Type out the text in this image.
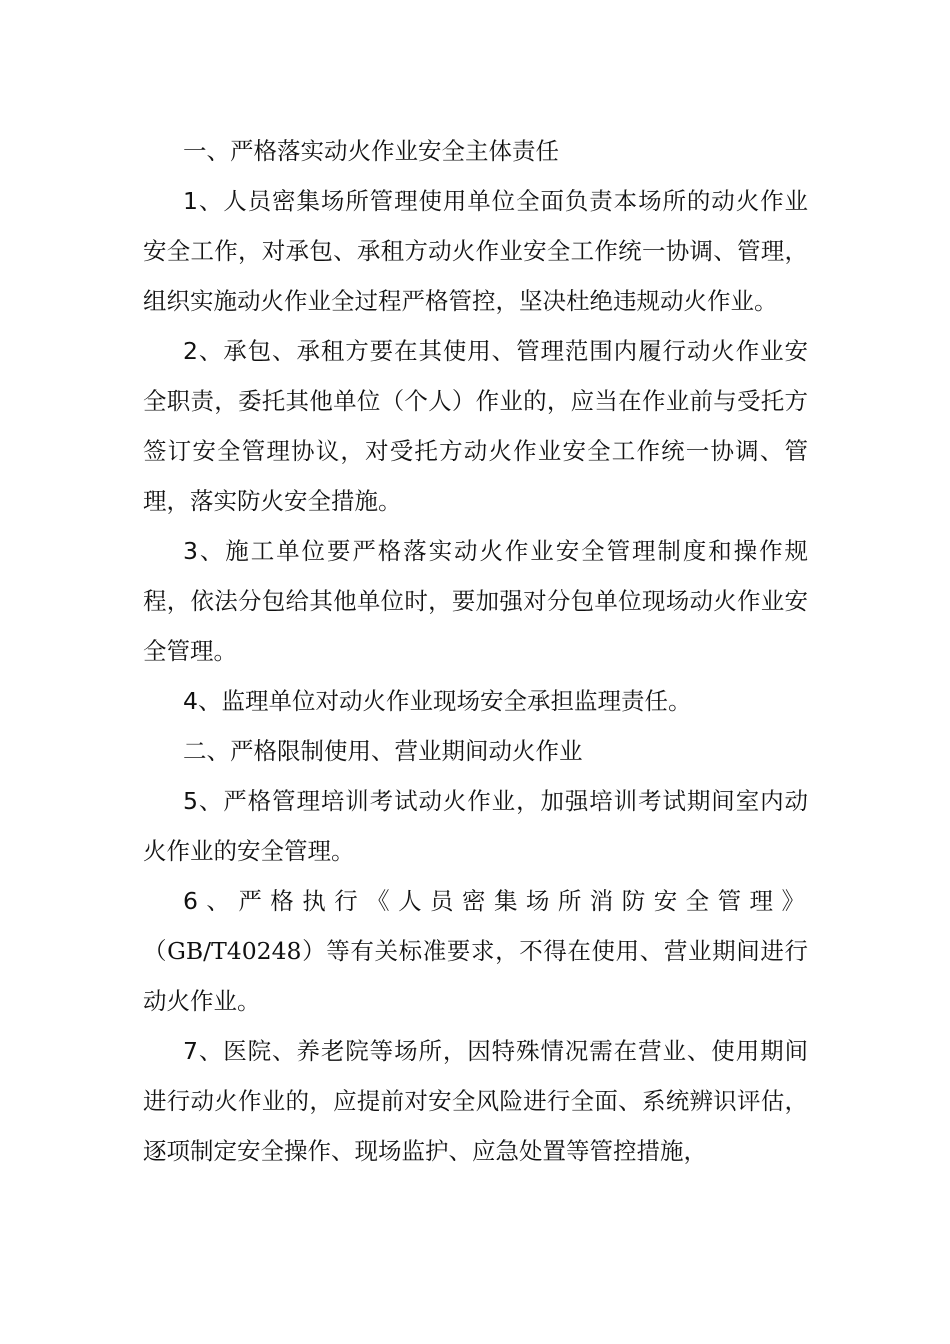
一、严格落实动火作业安全主体责任

1、人员密集场所管理使用单位全面负责本场所的动火作业安全工作，对承包、承租方动火作业安全工作统一协调、管理，组织实施动火作业全过程严格管控，坚决杜绝违规动火作业。

2、承包、承租方要在其使用、管理范围内履行动火作业安全职责，委托其他单位（个人）作业的，应当在作业前与受托方签订安全管理协议，对受托方动火作业安全工作统一协调、管理，落实防火安全措施。

3、施工单位要严格落实动火作业安全管理制度和操作规程，依法分包给其他单位时，要加强对分包单位现场动火作业安全管理。

4、监理单位对动火作业现场安全承担监理责任。

二、严格限制使用、营业期间动火作业

5、严格管理培训考试动火作业，加强培训考试期间室内动火作业的安全管理。

6、严格执行《人员密集场所消防安全管理》（GB/T40248）等有关标准要求，不得在使用、营业期间进行动火作业。

7、医院、养老院等场所，因特殊情况需在营业、使用期间进行动火作业的，应提前对安全风险进行全面、系统辨识评估，逐项制定安全操作、现场监护、应急处置等管控措施，
